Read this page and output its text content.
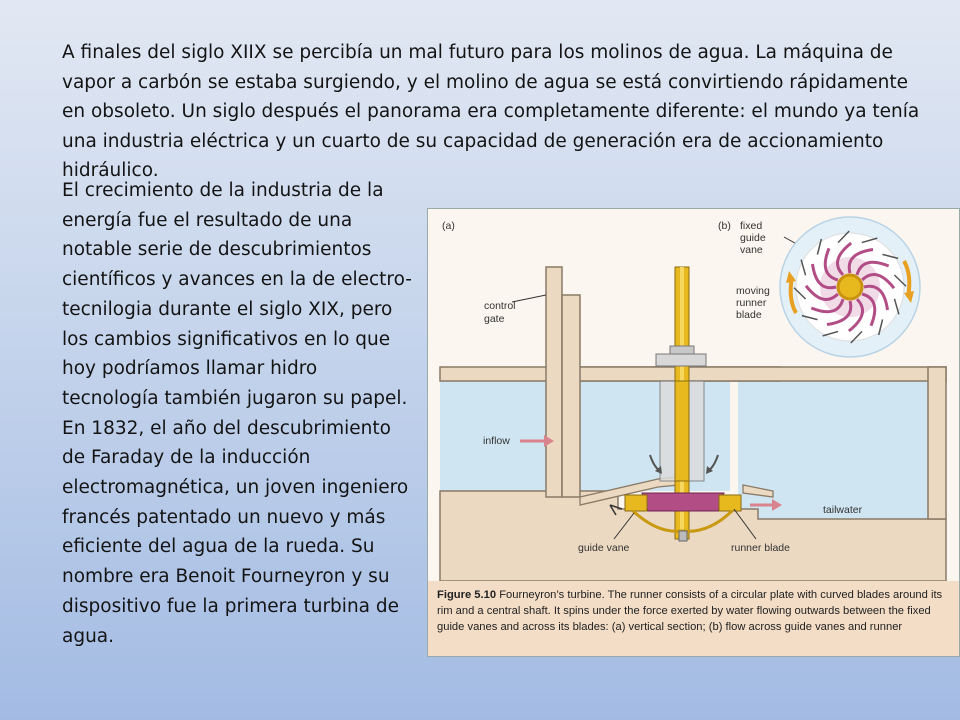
A finales del siglo XIIX se percibía un mal futuro para los molinos de agua. La máquina de vapor a carbón se estaba surgiendo, y el molino de agua se está convirtiendo rápidamente en obsoleto. Un siglo después el panorama era completamente diferente: el mundo ya tenía una industria eléctrica y un cuarto de su capacidad de generación era de accionamiento hidráulico.

El crecimiento de la industria de la energía fue el resultado de una notable serie de descubrimientos científicos y avances en la de electro-tecnilogia durante el siglo XIX, pero los cambios significativos en lo que hoy podríamos llamar hidro tecnología también jugaron su papel. En 1832, el año del descubrimiento de Faraday de la inducción electromagnética, un joven ingeniero francés patentado un nuevo y más eficiente del agua de la rueda. Su nombre era Benoit Fourneyron y su dispositivo fue la primera turbina de agua.

(a)	(b)
control
gate
inflow
tailwater
guide vane	runner blade
fixed
guide
vane
moving
runner
blade

Figure 5.10 Fourneyron’s turbine. The runner consists of a circular plate with curved blades around its rim and a central shaft. It spins under the force exerted by water flowing outwards between the fixed guide vanes and across its blades: (a) vertical section; (b) flow across guide vanes and runner
